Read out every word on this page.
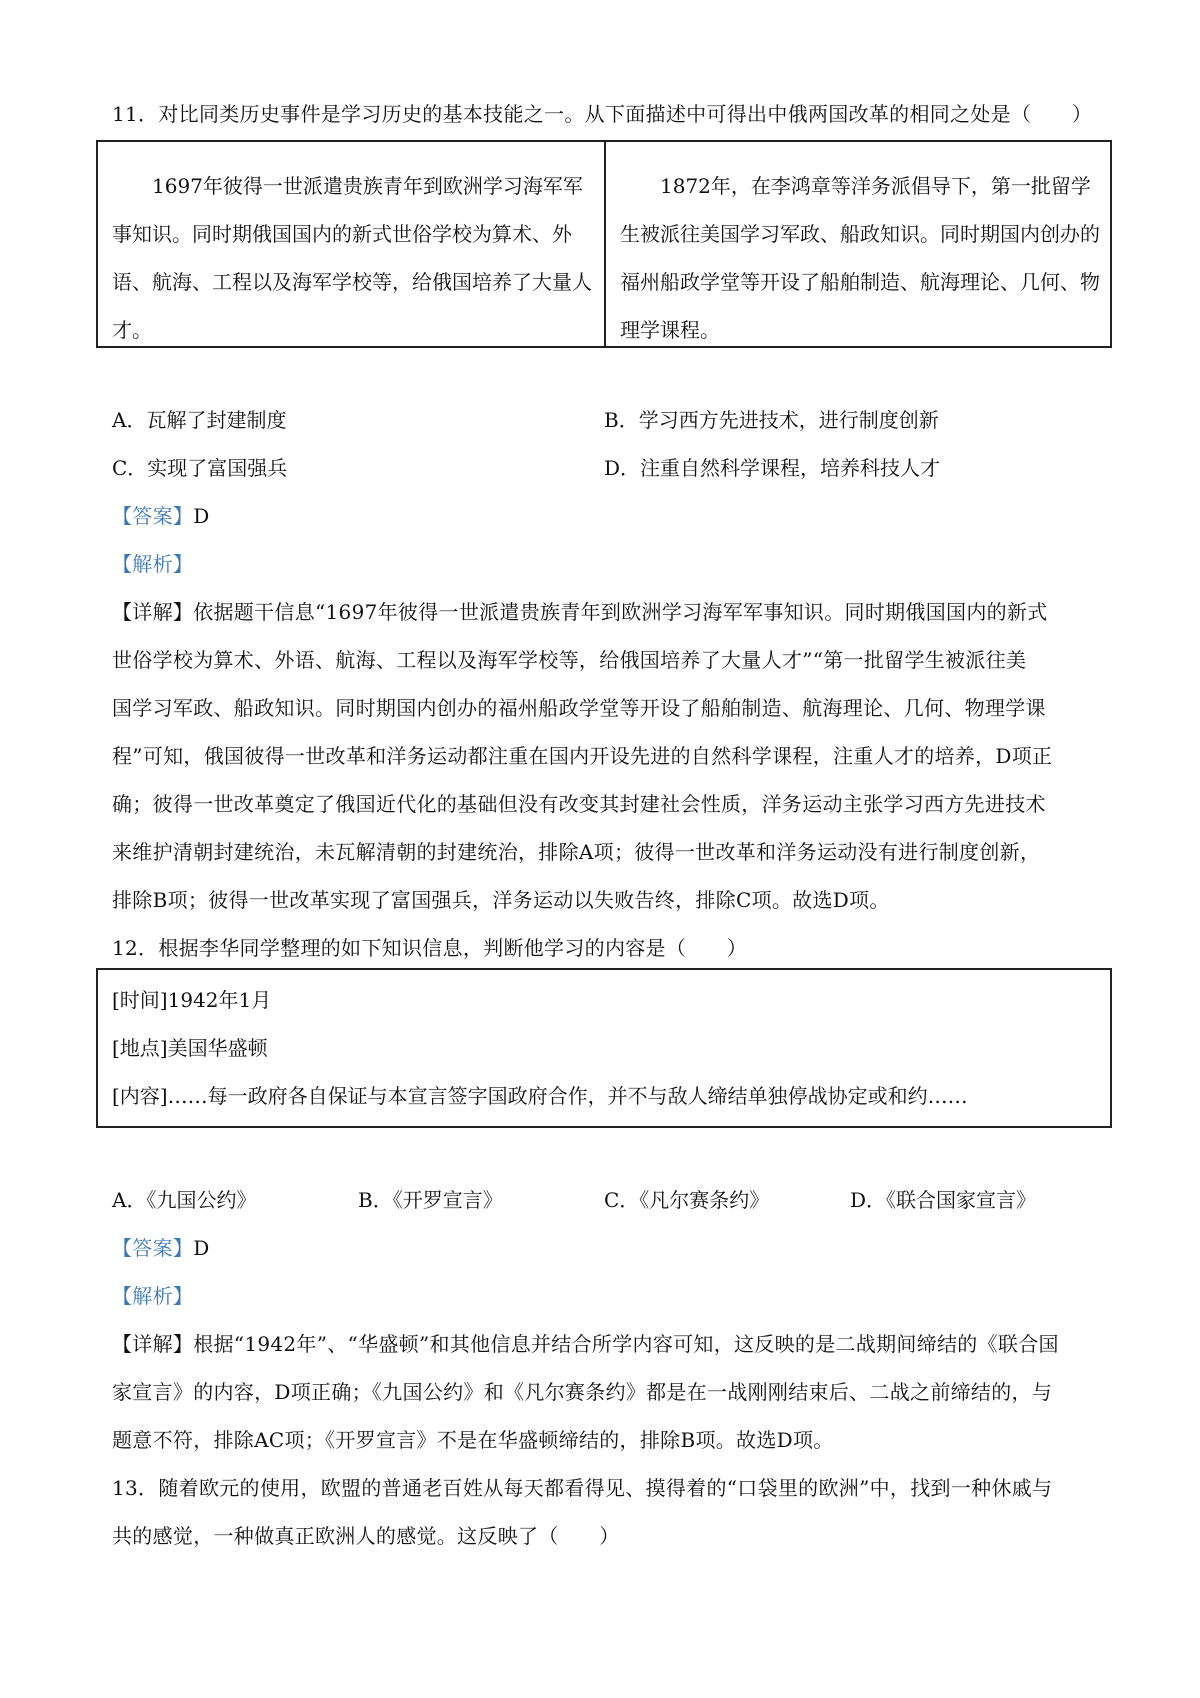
11．对比同类历史事件是学习历史的基本技能之一。从下面描述中可得出中俄两国改革的相同之处是（　　）

1697年彼得一世派遣贵族青年到欧洲学习海军军事知识。同时期俄国国内的新式世俗学校为算术、外语、航海、工程以及海军学校等，给俄国培养了大量人才。

1872年，在李鸿章等洋务派倡导下，第一批留学生被派往美国学习军政、船政知识。同时期国内创办的福州船政学堂等开设了船舶制造、航海理论、几何、物理学课程。

A．瓦解了封建制度	B．学习西方先进技术，进行制度创新
C．实现了富国强兵	D．注重自然科学课程，培养科技人才
【答案】D
【解析】
【详解】依据题干信息“1697年彼得一世派遣贵族青年到欧洲学习海军军事知识。同时期俄国国内的新式
世俗学校为算术、外语、航海、工程以及海军学校等，给俄国培养了大量人才”“第一批留学生被派往美
国学习军政、船政知识。同时期国内创办的福州船政学堂等开设了船舶制造、航海理论、几何、物理学课
程”可知，俄国彼得一世改革和洋务运动都注重在国内开设先进的自然科学课程，注重人才的培养，D项正
确；彼得一世改革奠定了俄国近代化的基础但没有改变其封建社会性质，洋务运动主张学习西方先进技术
来维护清朝封建统治，未瓦解清朝的封建统治，排除A项；彼得一世改革和洋务运动没有进行制度创新，
排除B项；彼得一世改革实现了富国强兵，洋务运动以失败告终，排除C项。故选D项。
12．根据李华同学整理的如下知识信息，判断他学习的内容是（　　）
[时间]1942年1月
[地点]美国华盛顿
[内容]……每一政府各自保证与本宣言签字国政府合作，并不与敌人缔结单独停战协定或和约……
A．《九国公约》	B．《开罗宣言》	C．《凡尔赛条约》	D．《联合国家宣言》
【答案】D
【解析】
【详解】根据“1942年”、“华盛顿”和其他信息并结合所学内容可知，这反映的是二战期间缔结的《联合国
家宣言》的内容，D项正确；《九国公约》和《凡尔赛条约》都是在一战刚刚结束后、二战之前缔结的，与
题意不符，排除AC项；《开罗宣言》不是在华盛顿缔结的，排除B项。故选D项。
13．随着欧元的使用，欧盟的普通老百姓从每天都看得见、摸得着的“口袋里的欧洲”中，找到一种休戚与
共的感觉，一种做真正欧洲人的感觉。这反映了（　　）
